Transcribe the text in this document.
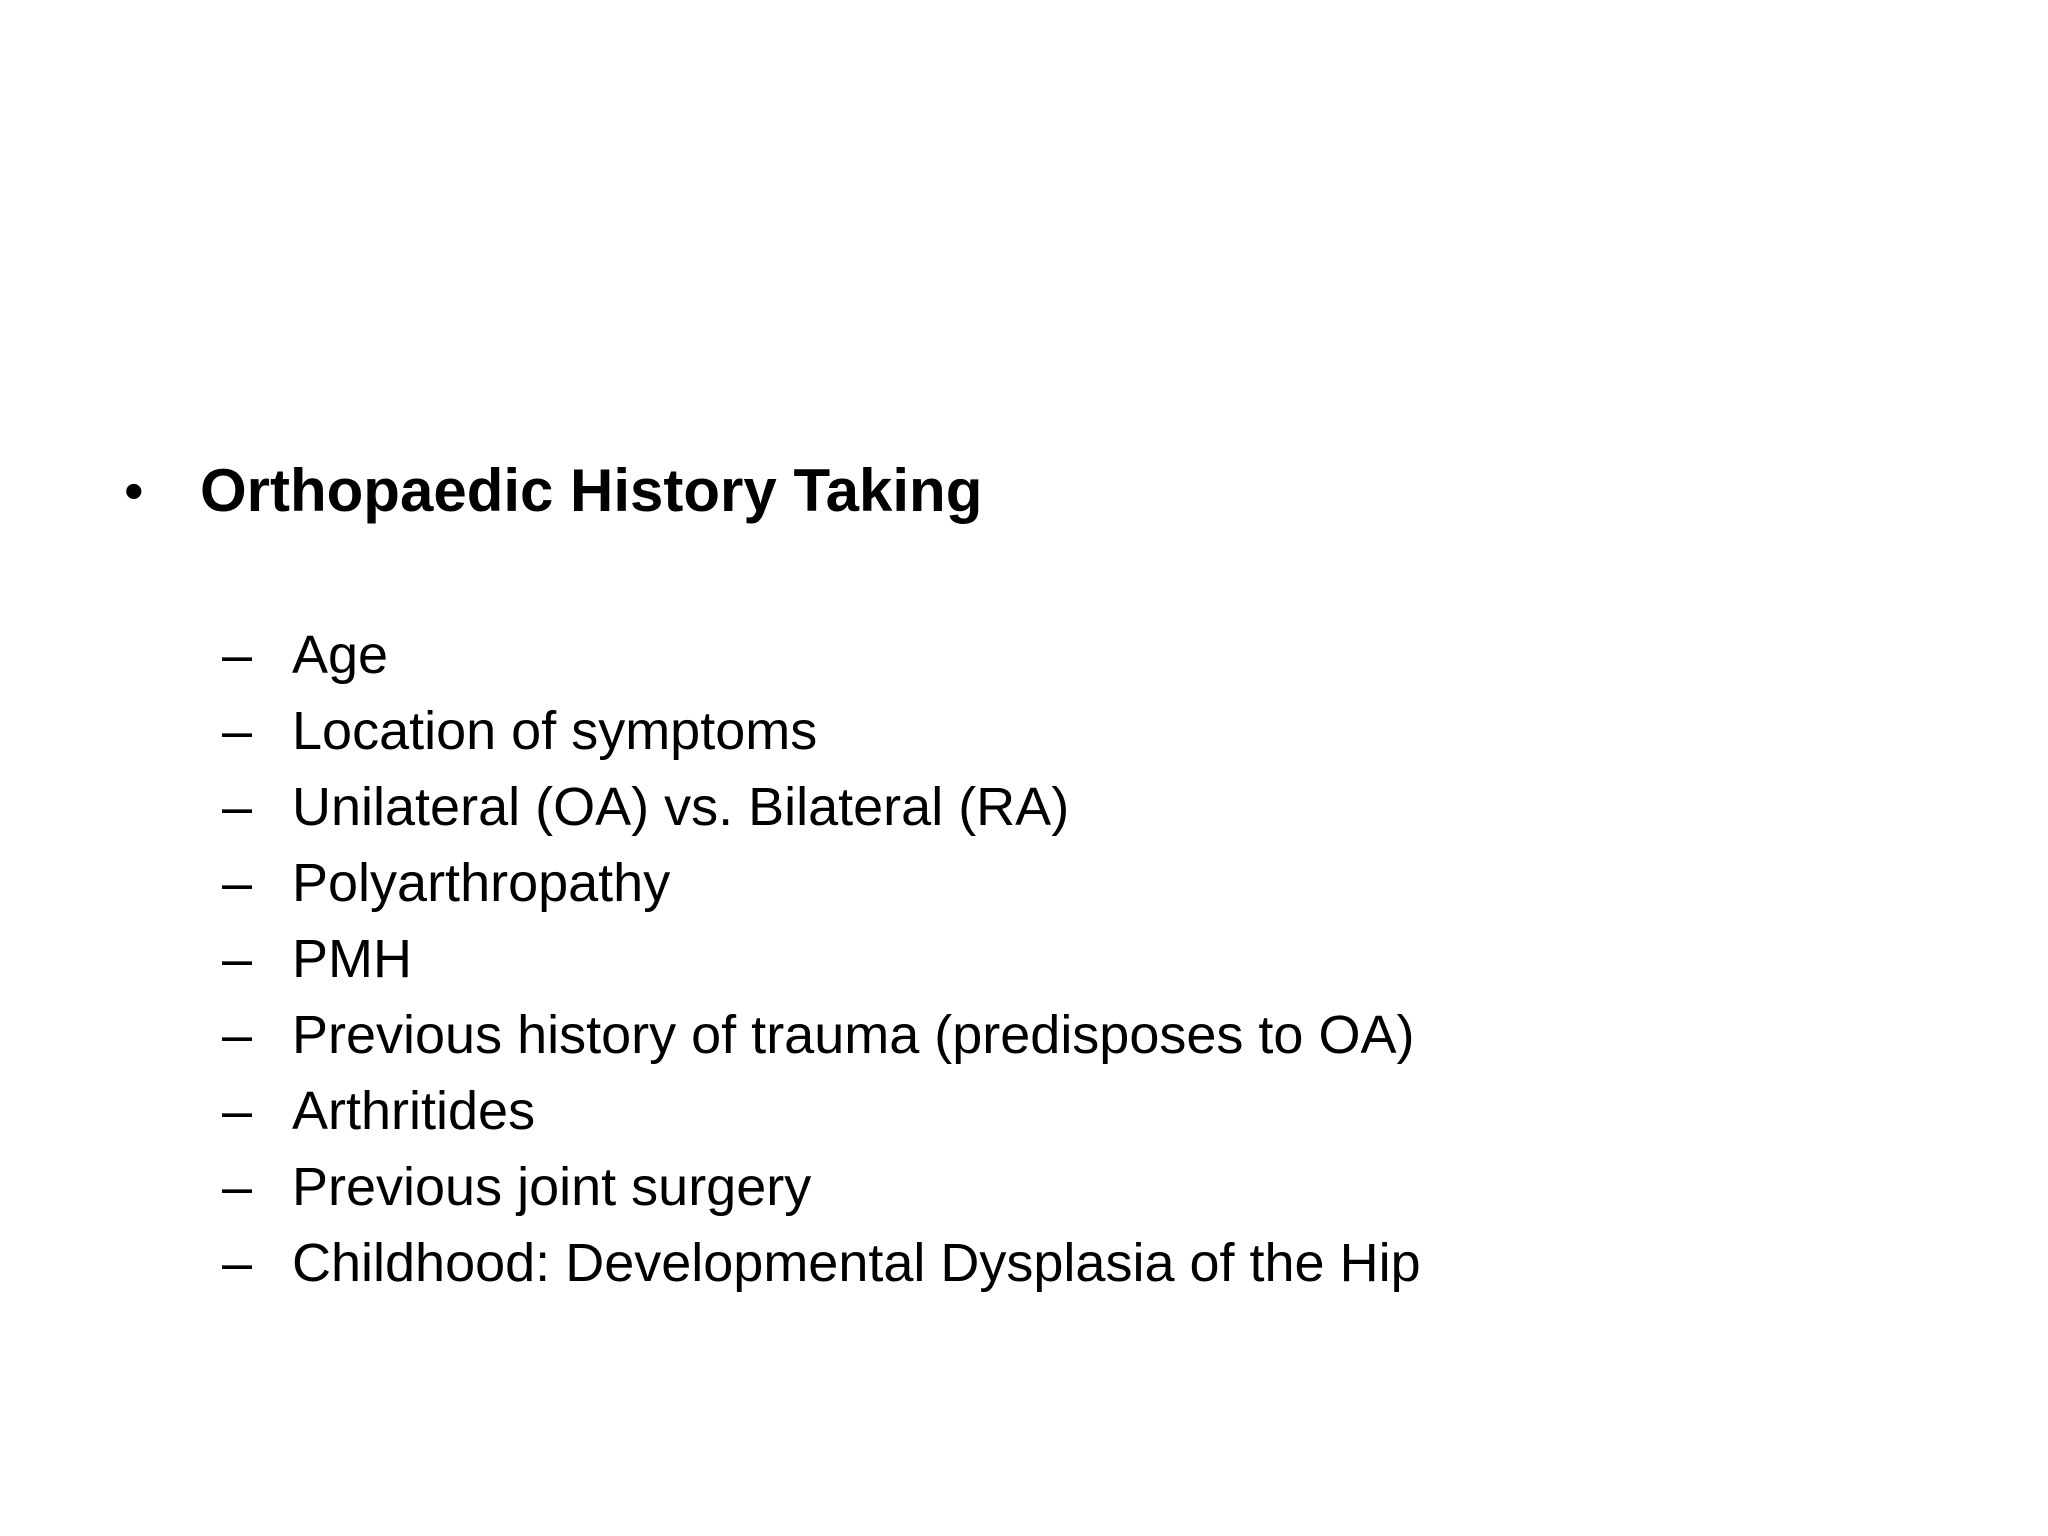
• Orthopaedic History Taking
– Age
– Location of symptoms
– Unilateral (OA) vs. Bilateral (RA)
– Polyarthropathy
– PMH
– Previous history of trauma (predisposes to OA)
– Arthritides
– Previous joint surgery
– Childhood: Developmental Dysplasia of the Hip
